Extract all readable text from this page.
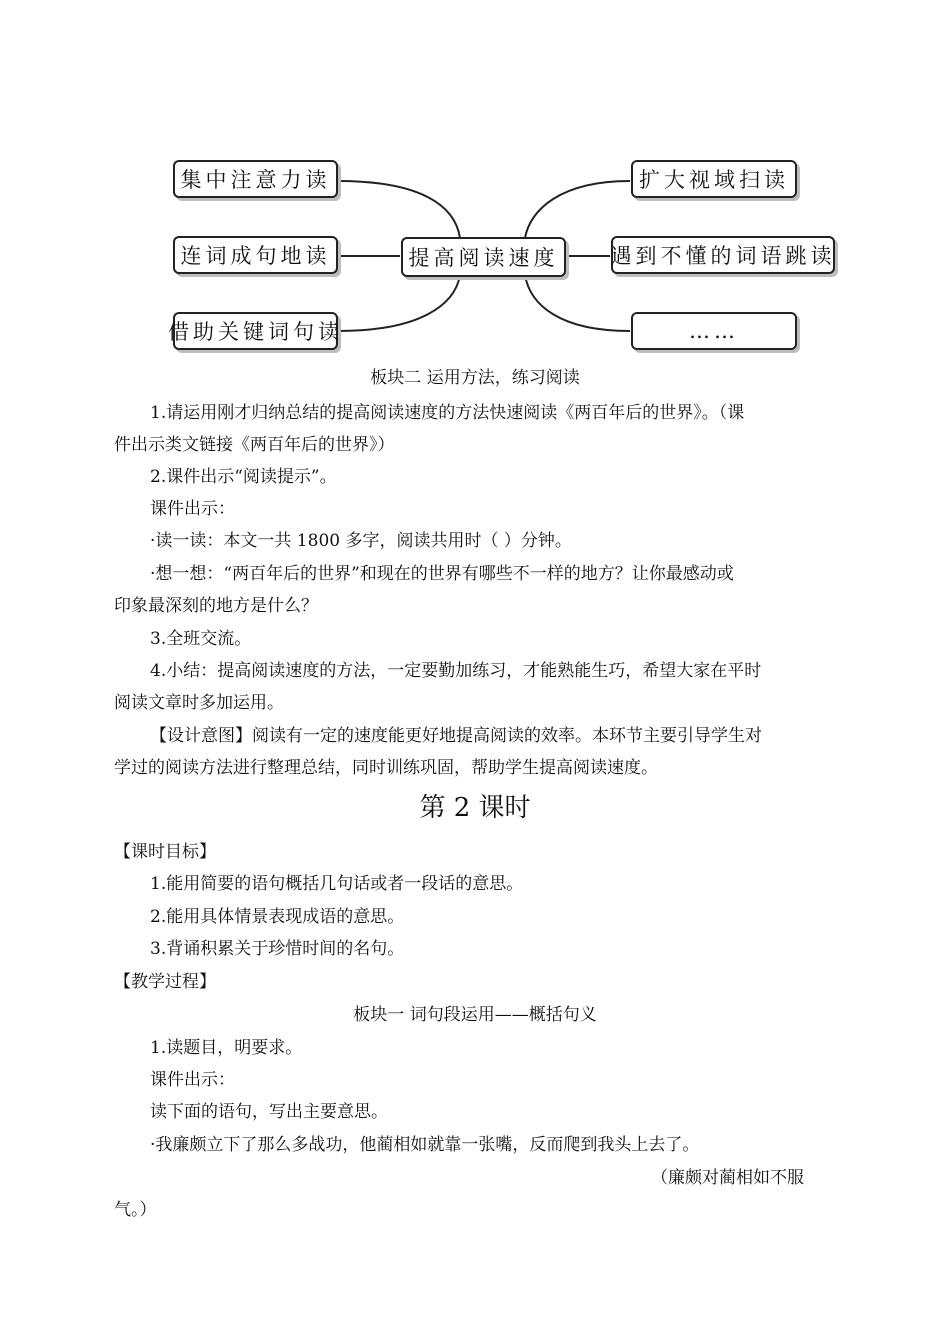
提高阅读速度
集中注意力读
连词成句地读
借助关键词句读
扩大视域扫读
遇到不懂的词语跳读
……
板块二 运用方法，练习阅读
1.请运用刚才归纳总结的提高阅读速度的方法快速阅读《两百年后的世界》。（课
件出示类文链接《两百年后的世界》）
2.课件出示“阅读提示”。
课件出示：
·读一读：本文一共 1800 多字，阅读共用时（ ）分钟。
·想一想：“两百年后的世界”和现在的世界有哪些不一样的地方？让你最感动或
印象最深刻的地方是什么？
3.全班交流。
4.小结：提高阅读速度的方法，一定要勤加练习，才能熟能生巧，希望大家在平时
阅读文章时多加运用。
【设计意图】阅读有一定的速度能更好地提高阅读的效率。本环节主要引导学生对
学过的阅读方法进行整理总结，同时训练巩固，帮助学生提高阅读速度。
第 2 课时
【课时目标】
1.能用简要的语句概括几句话或者一段话的意思。
2.能用具体情景表现成语的意思。
3.背诵积累关于珍惜时间的名句。
【教学过程】
板块一 词句段运用——概括句义
1.读题目，明要求。
课件出示：
读下面的语句，写出主要意思。
·我廉颇立下了那么多战功，他蔺相如就靠一张嘴，反而爬到我头上去了。
（廉颇对蔺相如不服
气。）
